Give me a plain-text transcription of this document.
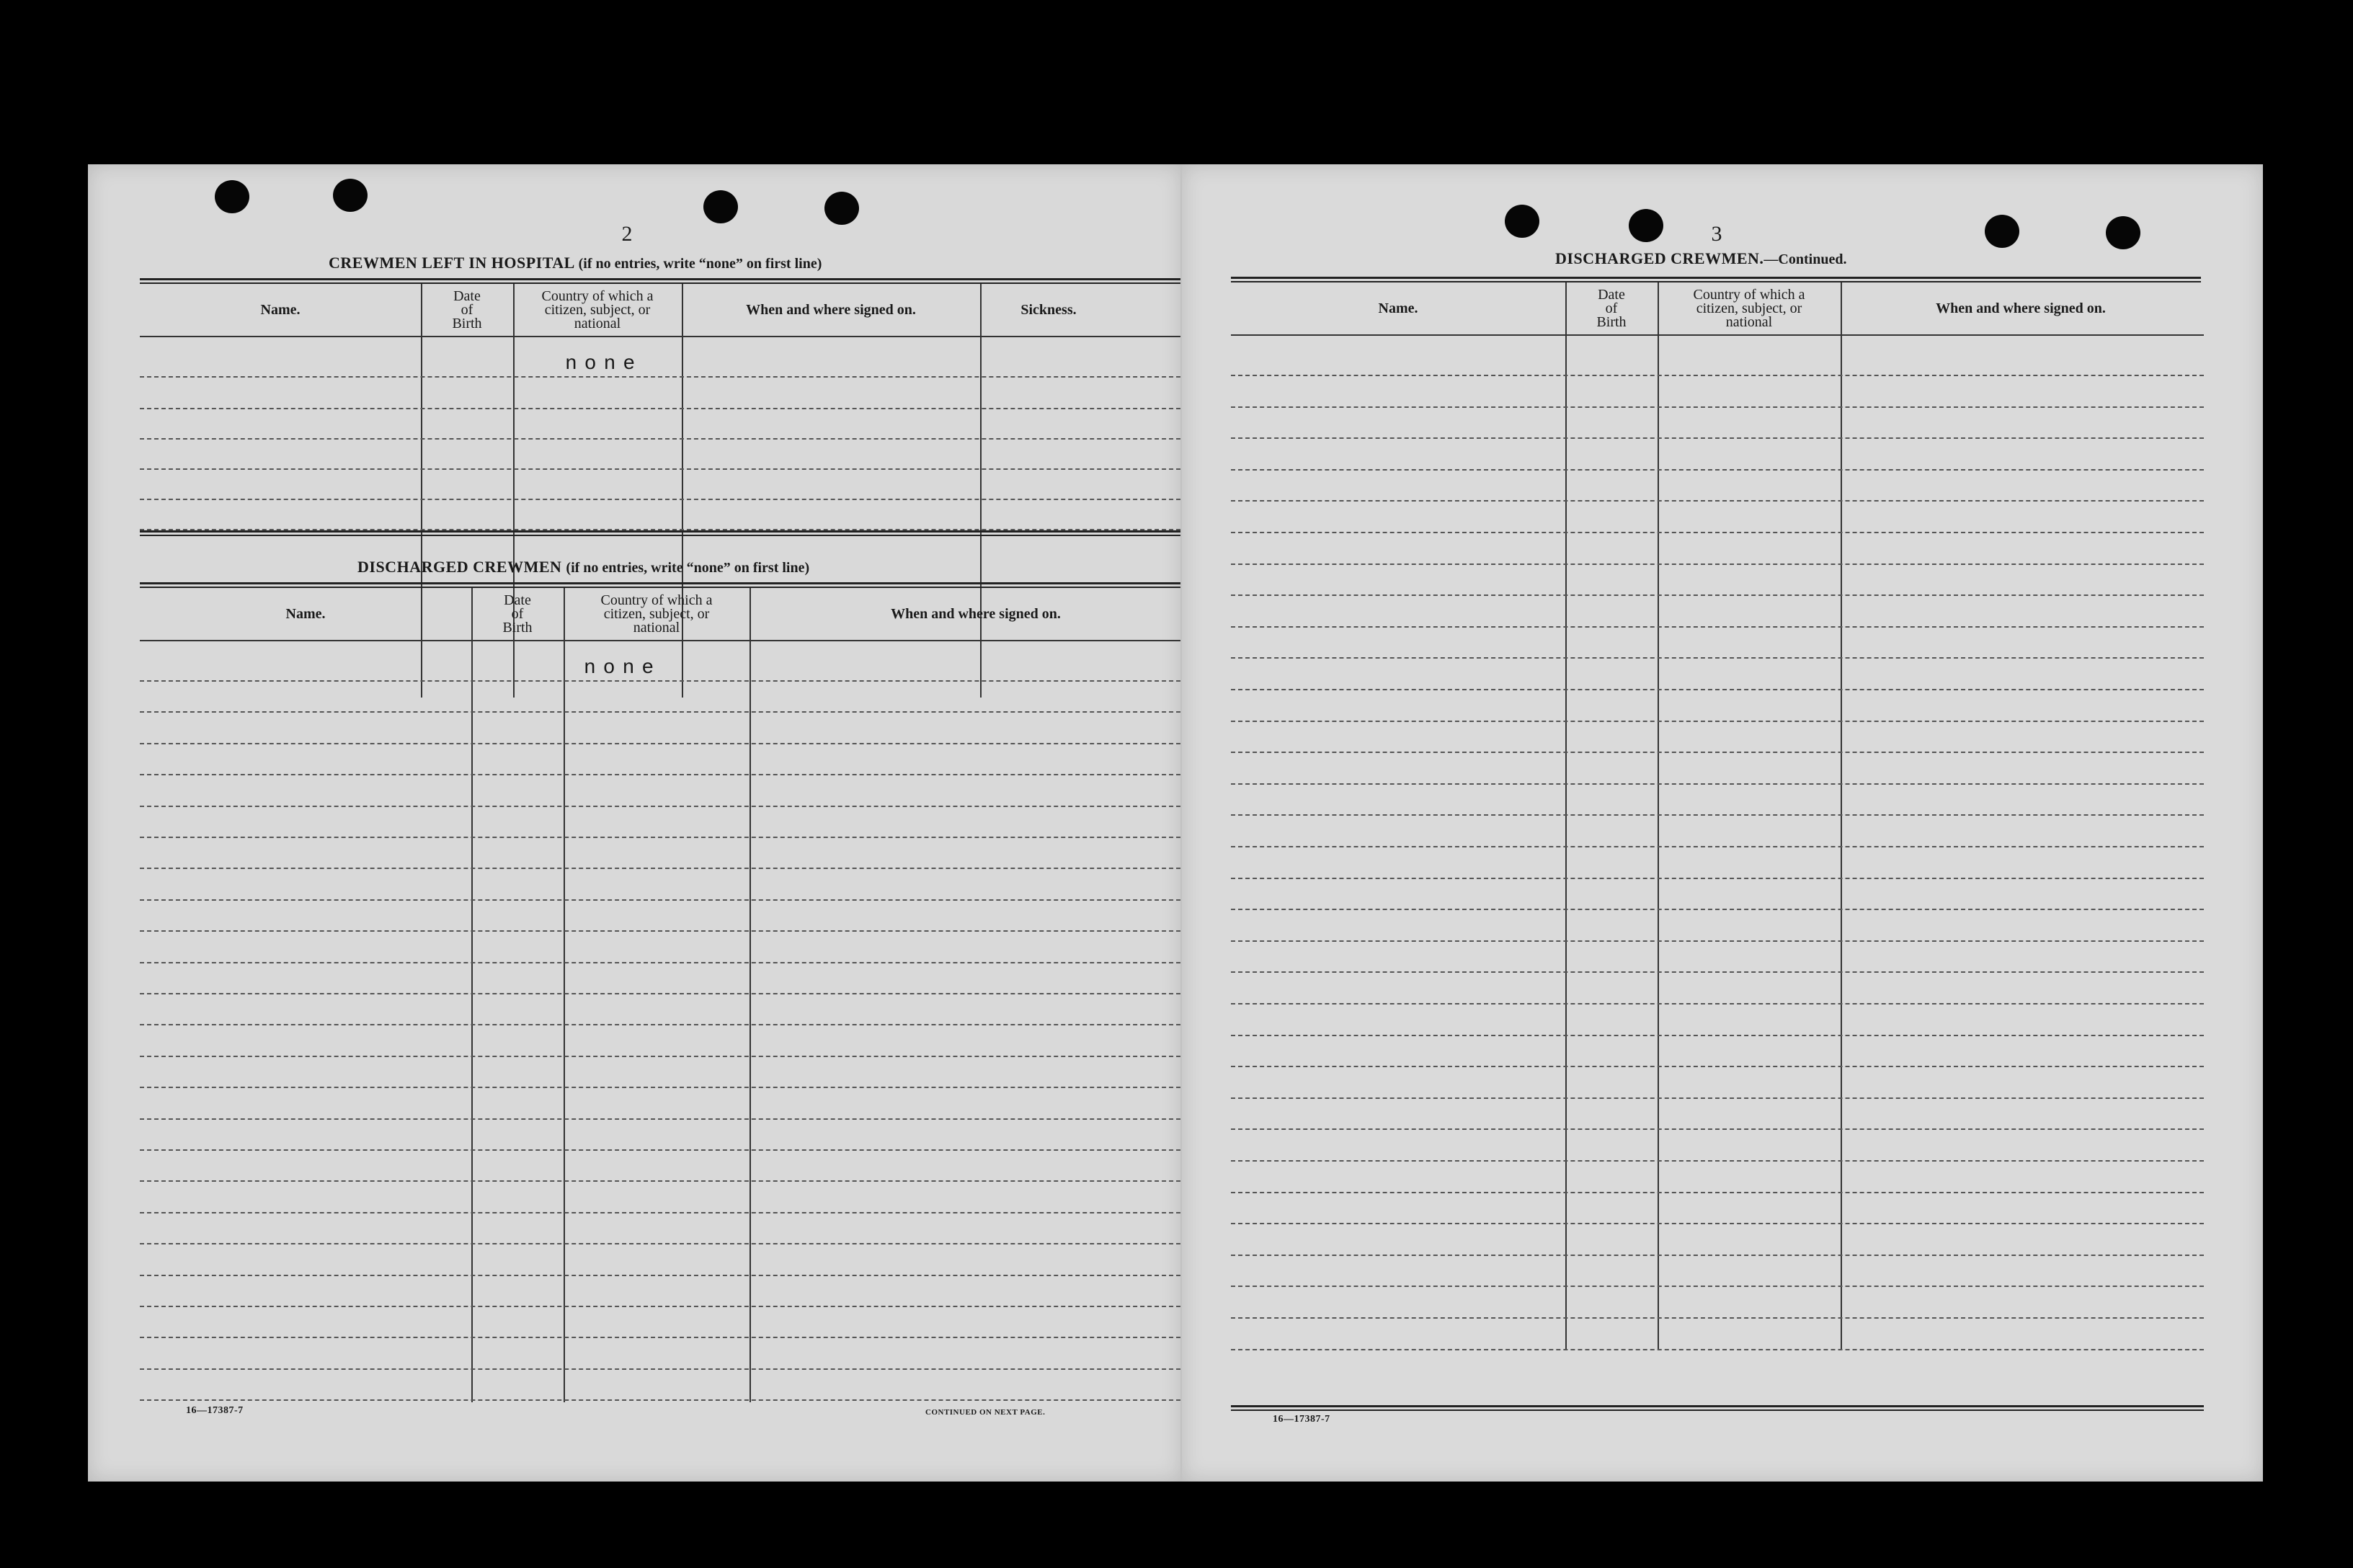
2
CREWMEN LEFT IN HOSPITAL (if no entries, write “none” on first line)
Name.
Date
of
Birth
Country of which a
citizen, subject, or
national
When and where signed on.	Sickness.
none
DISCHARGED CREWMEN (if no entries, write “none” on first line)
Name.
Date
of
Birth
Country of which a
citizen, subject, or
national
When and where signed on.
none
16—17387-7	CONTINUED ON NEXT PAGE.
3
DISCHARGED CREWMEN.—Continued.
Name.
Date
of
Birth
Country of which a
citizen, subject, or
national
When and where signed on.
16—17387-7
